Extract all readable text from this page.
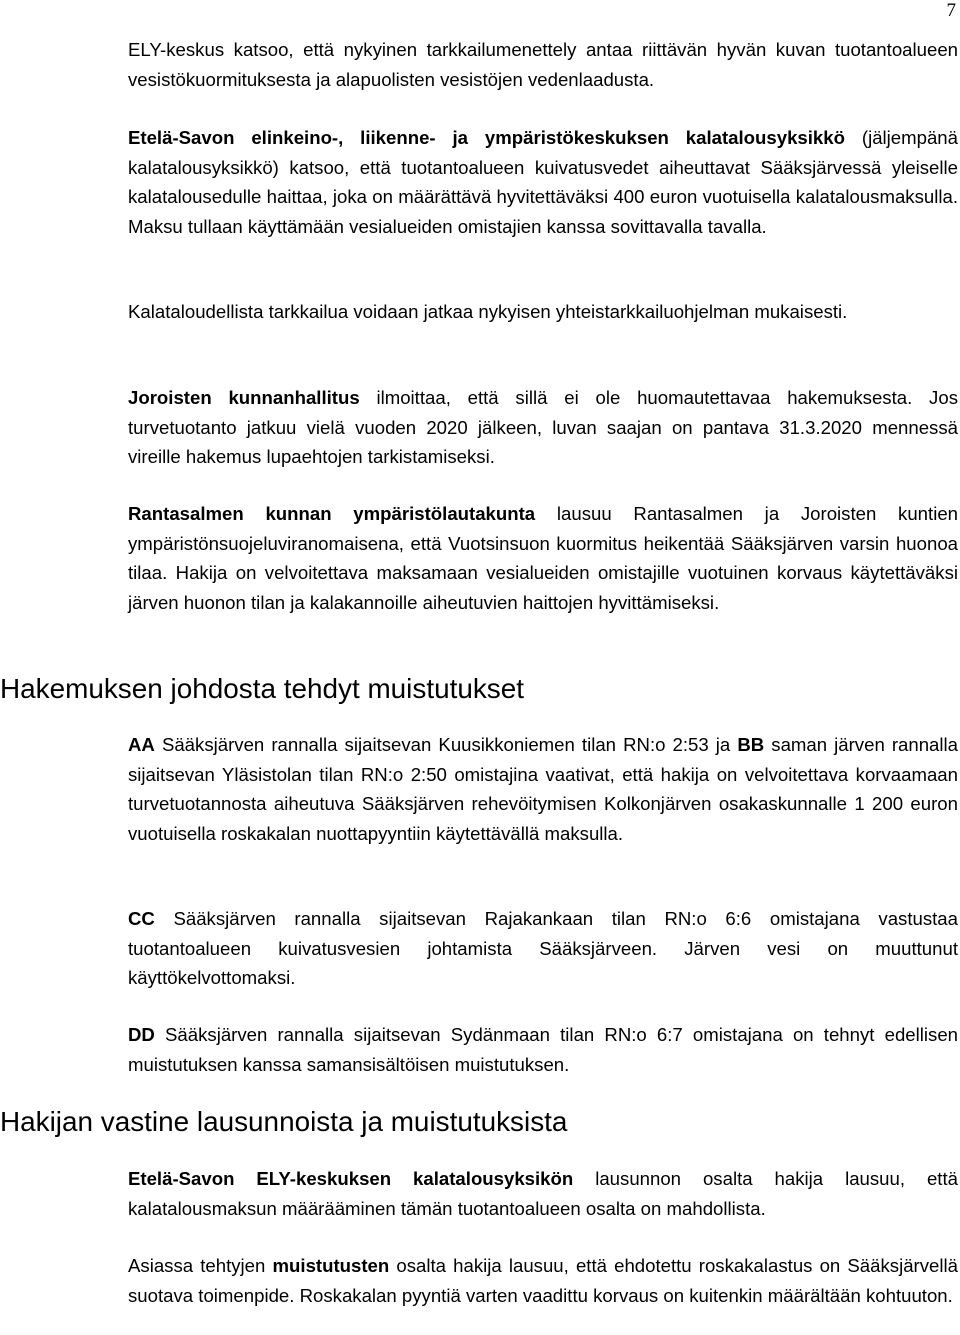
7

ELY-keskus katsoo, että nykyinen tarkkailumenettely antaa riittävän hyvän kuvan tuotantoalueen vesistökuormituksesta ja alapuolisten vesistöjen vedenlaadusta.

Etelä-Savon elinkeino-, liikenne- ja ympäristökeskuksen kalatalousyksikkö (jäljempänä kalatalousyksikkö) katsoo, että tuotantoalueen kuivatusvedet aiheuttavat Sääksjärvessä yleiselle kalatalousedulle haittaa, joka on määrättävä hyvitettäväksi 400 euron vuotuisella kalatalousmaksulla. Maksu tullaan käyttämään vesialueiden omistajien kanssa sovittavalla tavalla.

Kalataloudellista tarkkailua voidaan jatkaa nykyisen yhteistarkkailuohjelman mukaisesti.

Joroisten kunnanhallitus ilmoittaa, että sillä ei ole huomautettavaa hakemuksesta. Jos turvetuotanto jatkuu vielä vuoden 2020 jälkeen, luvan saajan on pantava 31.3.2020 mennessä vireille hakemus lupaehtojen tarkistamiseksi.

Rantasalmen kunnan ympäristölautakunta lausuu Rantasalmen ja Joroisten kuntien ympäristönsuojeluviranomaisena, että Vuotsinsuon kuormitus heikentää Sääksjärven varsin huonoa tilaa. Hakija on velvoitettava maksamaan vesialueiden omistajille vuotuinen korvaus käytettäväksi järven huonon tilan ja kalakannoille aiheutuvien haittojen hyvittämiseksi.

Hakemuksen johdosta tehdyt muistutukset

AA Sääksjärven rannalla sijaitsevan Kuusikkoniemen tilan RN:o 2:53 ja BB saman järven rannalla sijaitsevan Yläsistolan tilan RN:o 2:50 omistajina vaativat, että hakija on velvoitettava korvaamaan turvetuotannosta aiheutuva Sääksjärven rehevöitymisen Kolkonjärven osakaskunnalle 1 200 euron vuotuisella roskakalan nuottapyyntiin käytettävällä maksulla.

CC Sääksjärven rannalla sijaitsevan Rajakankaan tilan RN:o 6:6 omistajana vastustaa tuotantoalueen kuivatusvesien johtamista Sääksjärveen. Järven vesi on muuttunut käyttökelvottomaksi.

DD Sääksjärven rannalla sijaitsevan Sydänmaan tilan RN:o 6:7 omistajana on tehnyt edellisen muistutuksen kanssa samansisältöisen muistutuksen.

Hakijan vastine lausunnoista ja muistutuksista

Etelä-Savon ELY-keskuksen kalatalousyksikön lausunnon osalta hakija lausuu, että kalatalousmaksun määrääminen tämän tuotantoalueen osalta on mahdollista.

Asiassa tehtyjen muistutusten osalta hakija lausuu, että ehdotettu roskakalastus on Sääksjärvellä suotava toimenpide. Roskakalan pyyntiä varten vaadittu korvaus on kuitenkin määrältään kohtuuton.
